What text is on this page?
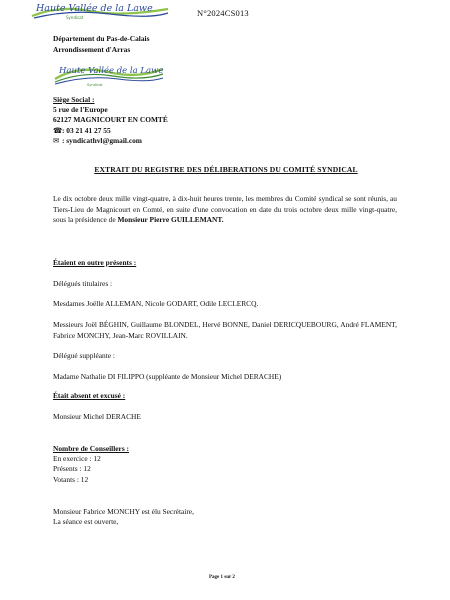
Haute Vallée de la Lawe
Syndicat	N°2024CS013
Département du Pas-de-Calais
Arrondissement d'Arras
Haute Vallée de la Lawe
Syndicat
Siège Social :
5 rue de l'Europe
62127 MAGNICOURT EN COMTÉ
☎: 03 21 41 27 55
✉ : syndicathvl@gmail.com
EXTRAIT DU REGISTRE DES DÉLIBERATIONS DU COMITÉ SYNDICAL
Le dix octobre deux mille vingt-quatre, à dix-huit heures trente, les membres du Comité syndical se sont réunis, au Tiers-Lieu de Magnicourt en Comté, en suite d'une convocation en date du trois octobre deux mille vingt-quatre, sous la présidence de Monsieur Pierre GUILLEMANT.
Étaient en outre présents :
Délégués titulaires :
Mesdames Joëlle ALLEMAN, Nicole GODART, Odile LECLERCQ.
Messieurs Joël BÉGHIN, Guillaume BLONDEL, Hervé BONNE, Daniel DERICQUEBOURG, André FLAMENT, Fabrice MONCHY, Jean-Marc ROVILLAIN.
Délégué suppléante :
Madame Nathalie DI FILIPPO (suppléante de Monsieur Michel DERACHE)
Était absent et excusé :
Monsieur Michel DERACHE
Nombre de Conseillers :
En exercice : 12
Présents : 12
Votants : 12
Monsieur Fabrice MONCHY est élu Secrétaire,
La séance est ouverte,
Page 1 sur 2
